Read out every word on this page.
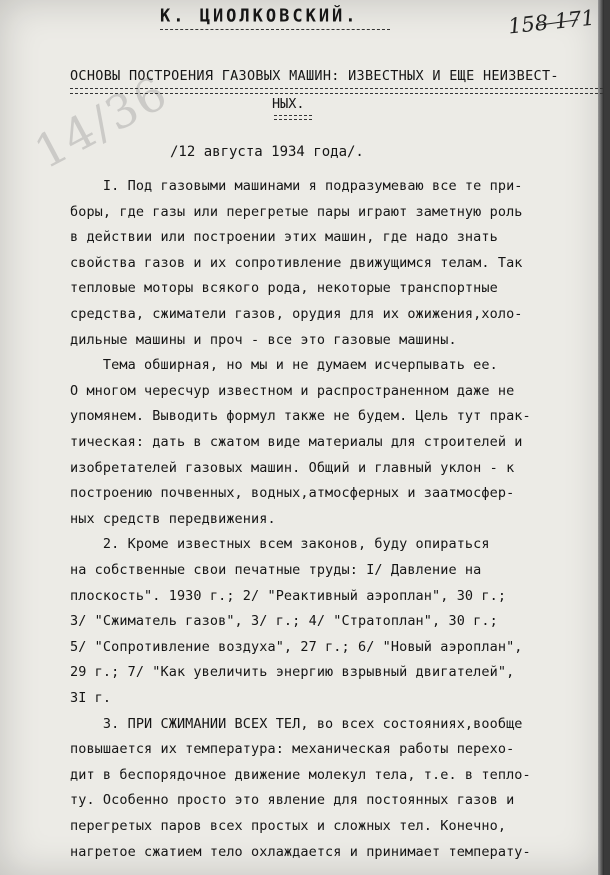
К. ЦИОЛКОВСКИЙ.	158 171
14/36
ОСНОВЫ ПОСТРОЕНИЯ ГАЗОВЫХ МАШИН: ИЗВЕСТНЫХ И ЕЩЕ НЕИЗВЕСТ-
НЫХ.
/12 августа 1934 года/.
I. Под газовыми машинами я подразумеваю все те при-
боры, где газы или перегретые пары играют заметную роль
в действии или построении этих машин, где надо знать
свойства газов и их сопротивление движущимся телам. Так
тепловые моторы всякого рода, некоторые транспортные
средства, сжиматели газов, орудия для их ожижения,холо-
дильные машины и проч - все это газовые машины.
Тема обширная, но мы и не думаем исчерпывать ее.
О многом чересчур известном и распространенном даже не
упомянем. Выводить формул также не будем. Цель тут прак-
тическая: дать в сжатом виде материалы для строителей и
изобретателей газовых машин. Общий и главный уклон - к
построению почвенных, водных,атмосферных и заатмосфер-
ных средств передвижения.
2. Кроме известных всем законов, буду опираться
на собственные свои печатные труды: I/ Давление на
плоскость". 1930 г.; 2/ "Реактивный аэроплан", 30 г.;
3/ "Сжиматель газов", 3/ г.; 4/ "Стратоплан", 30 г.;
5/ "Сопротивление воздуха", 27 г.; 6/ "Новый аэроплан",
29 г.; 7/ "Как увеличить энергию взрывный двигателей",
3I г.
3. ПРИ СЖИМАНИИ ВСЕХ ТЕЛ, во всех состояниях,вообще
повышается их температура: механическая работы перехо-
дит в беспорядочное движение молекул тела, т.е. в тепло-
ту. Особенно просто это явление для постоянных газов и
перегретых паров всех простых и сложных тел. Конечно,
нагретое сжатием тело охлаждается и принимает температу-
